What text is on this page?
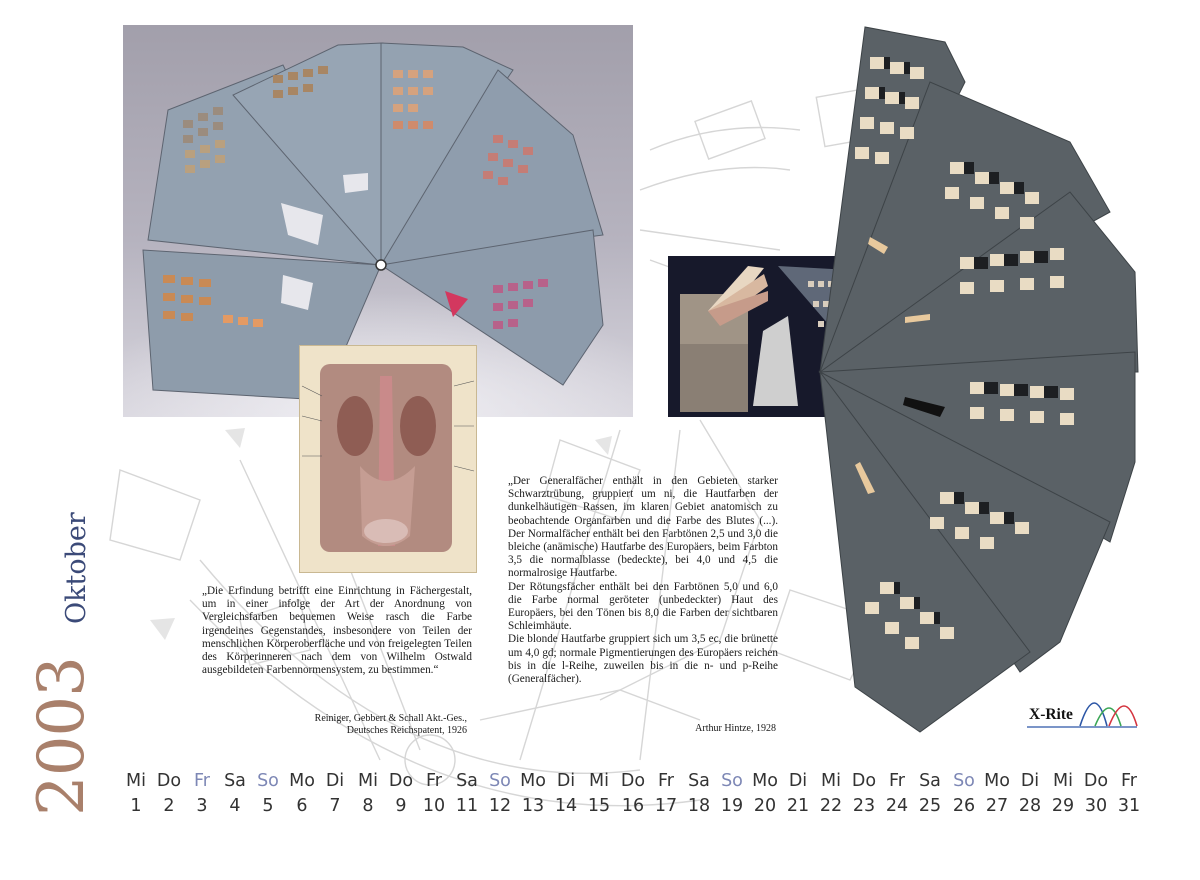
„Die Erfindung betrifft eine Einrichtung in Fächergestalt, um in einer infolge der Art der Anordnung von Vergleichsfarben bequemen Weise rasch die Farbe irgendeines Gegenstandes, insbesondere von Teilen der menschlichen Körperoberfläche und von freigelegten Teilen des Körperinneren nach dem von Wilhelm Ostwald ausgebildeten Farbennormensystem, zu bestimmen.“
Reiniger, Gebbert & Schall Akt.-Ges.,
Deutsches Reichspatent, 1926
„Der Generalfächer enthält in den Gebieten starker Schwarztrübung, gruppiert um ni, die Hautfarben der dunkelhäutigen Rassen, im klaren Gebiet anatomisch zu beobachtende Organfarben und die Farbe des Blutes (...). Der Normalfächer enthält bei den Farbtönen 2,5 und 3,0 die bleiche (anämische) Hautfarbe des Europäers, beim Farbton 3,5 die normalblasse (bedeckte), bei 4,0 und 4,5 die normalrosige Hautfarbe.
Der Rötungsfächer enthält bei den Farbtönen 5,0 und 6,0 die Farbe normal geröteter (unbedeckter) Haut des Europäers, bei den Tönen bis 8,0 die Farben der sichtbaren Schleimhäute.
Die blonde Hautfarbe gruppiert sich um 3,5 ec, die brünette um 4,0 gd; normale Pigmentierungen des Europäers reichen bis in die l-Reihe, zuweilen bis in die n- und p-Reihe (Generalfächer).
Arthur Hintze, 1928
2003
Oktober
X-Rite
Mi
1
Do
2
Fr
3
Sa
4
So
5
Mo
6
Di
7
Mi
8
Do
9
Fr
10
Sa
11
So
12
Mo
13
Di
14
Mi
15
Do
16
Fr
17
Sa
18
So
19
Mo
20
Di
21
Mi
22
Do
23
Fr
24
Sa
25
So
26
Mo
27
Di
28
Mi
29
Do
30
Fr
31
